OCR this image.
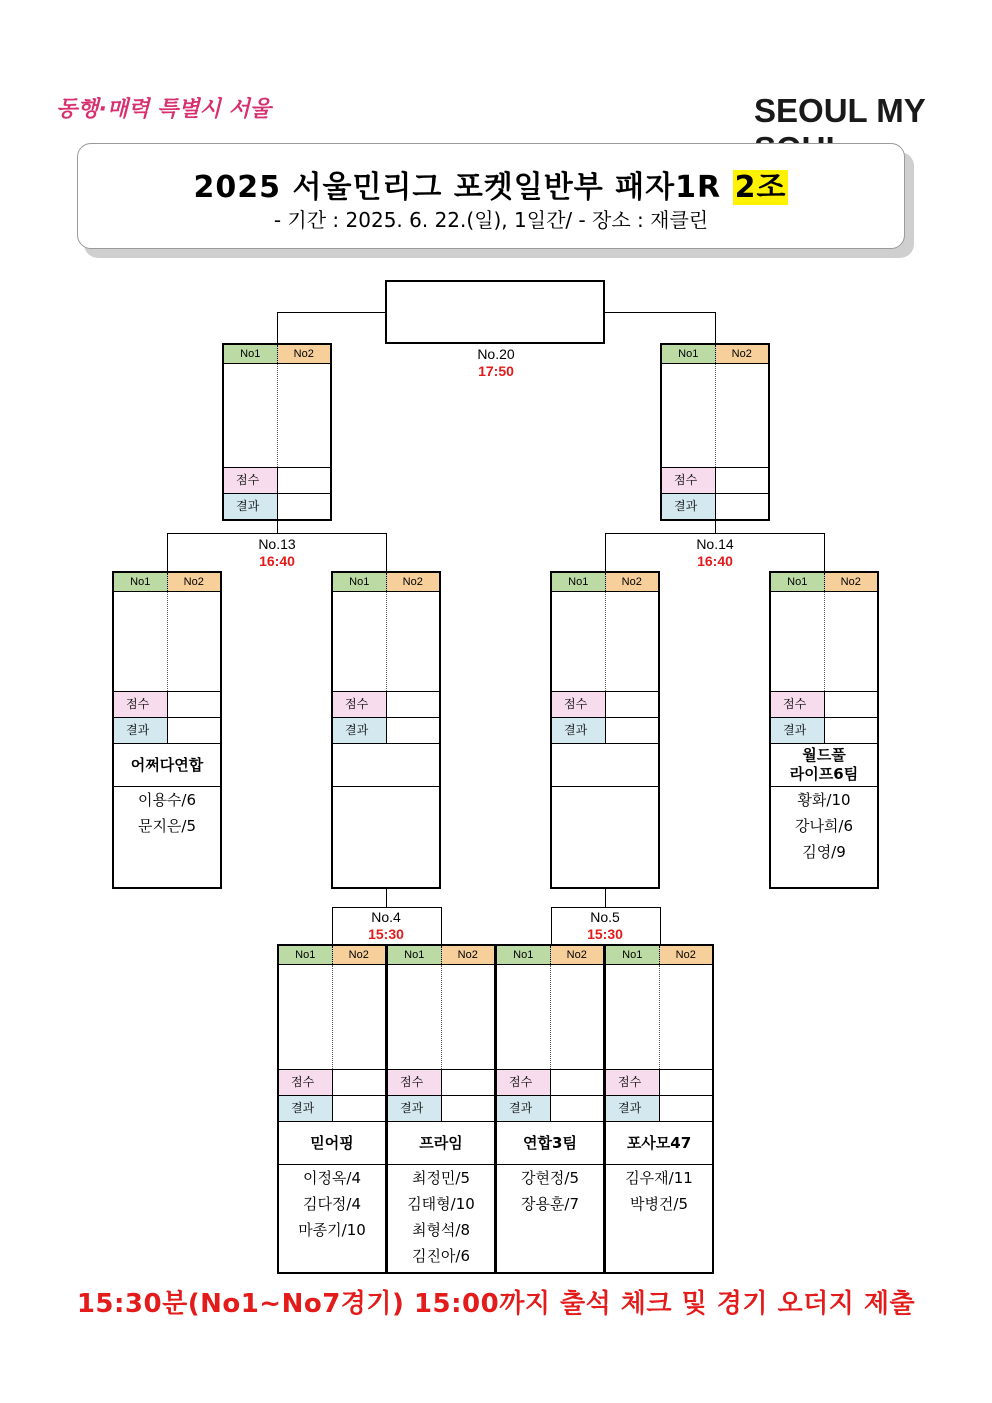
동행·매력 특별시 서울	SEOUL MY
2025 서울민리그 포켓일반부 패자1R 2조
- 기간 : 2025. 6. 22.(일), 1일간/ - 장소 : 재클린
No.20
17:50
No.13
16:40
No.14
16:40
No.4
15:30
No.5
15:30
No1	No2
점수
결과
No1	No2
점수
결과
No1	No2
점수
결과
어쩌다연합
이용수/6
문지은/5
No1	No2
점수
결과
No1	No2
점수
결과
No1	No2
점수
결과
월드풀
라이프6팀
황화/10
강나희/6
김영/9
No1	No2
점수
결과
믿어핑
이정옥/4
김다정/4
마종기/10
No1	No2
점수
결과
프라임
최정민/5
김태형/10
최형석/8
김진아/6
No1	No2
점수
결과
연합3팀
강현정/5
장용훈/7
No1	No2
점수
결과
포사모47
김우재/11
박병건/5
15:30분(No1~No7경기) 15:00까지 출석 체크 및 경기 오더지 제출
